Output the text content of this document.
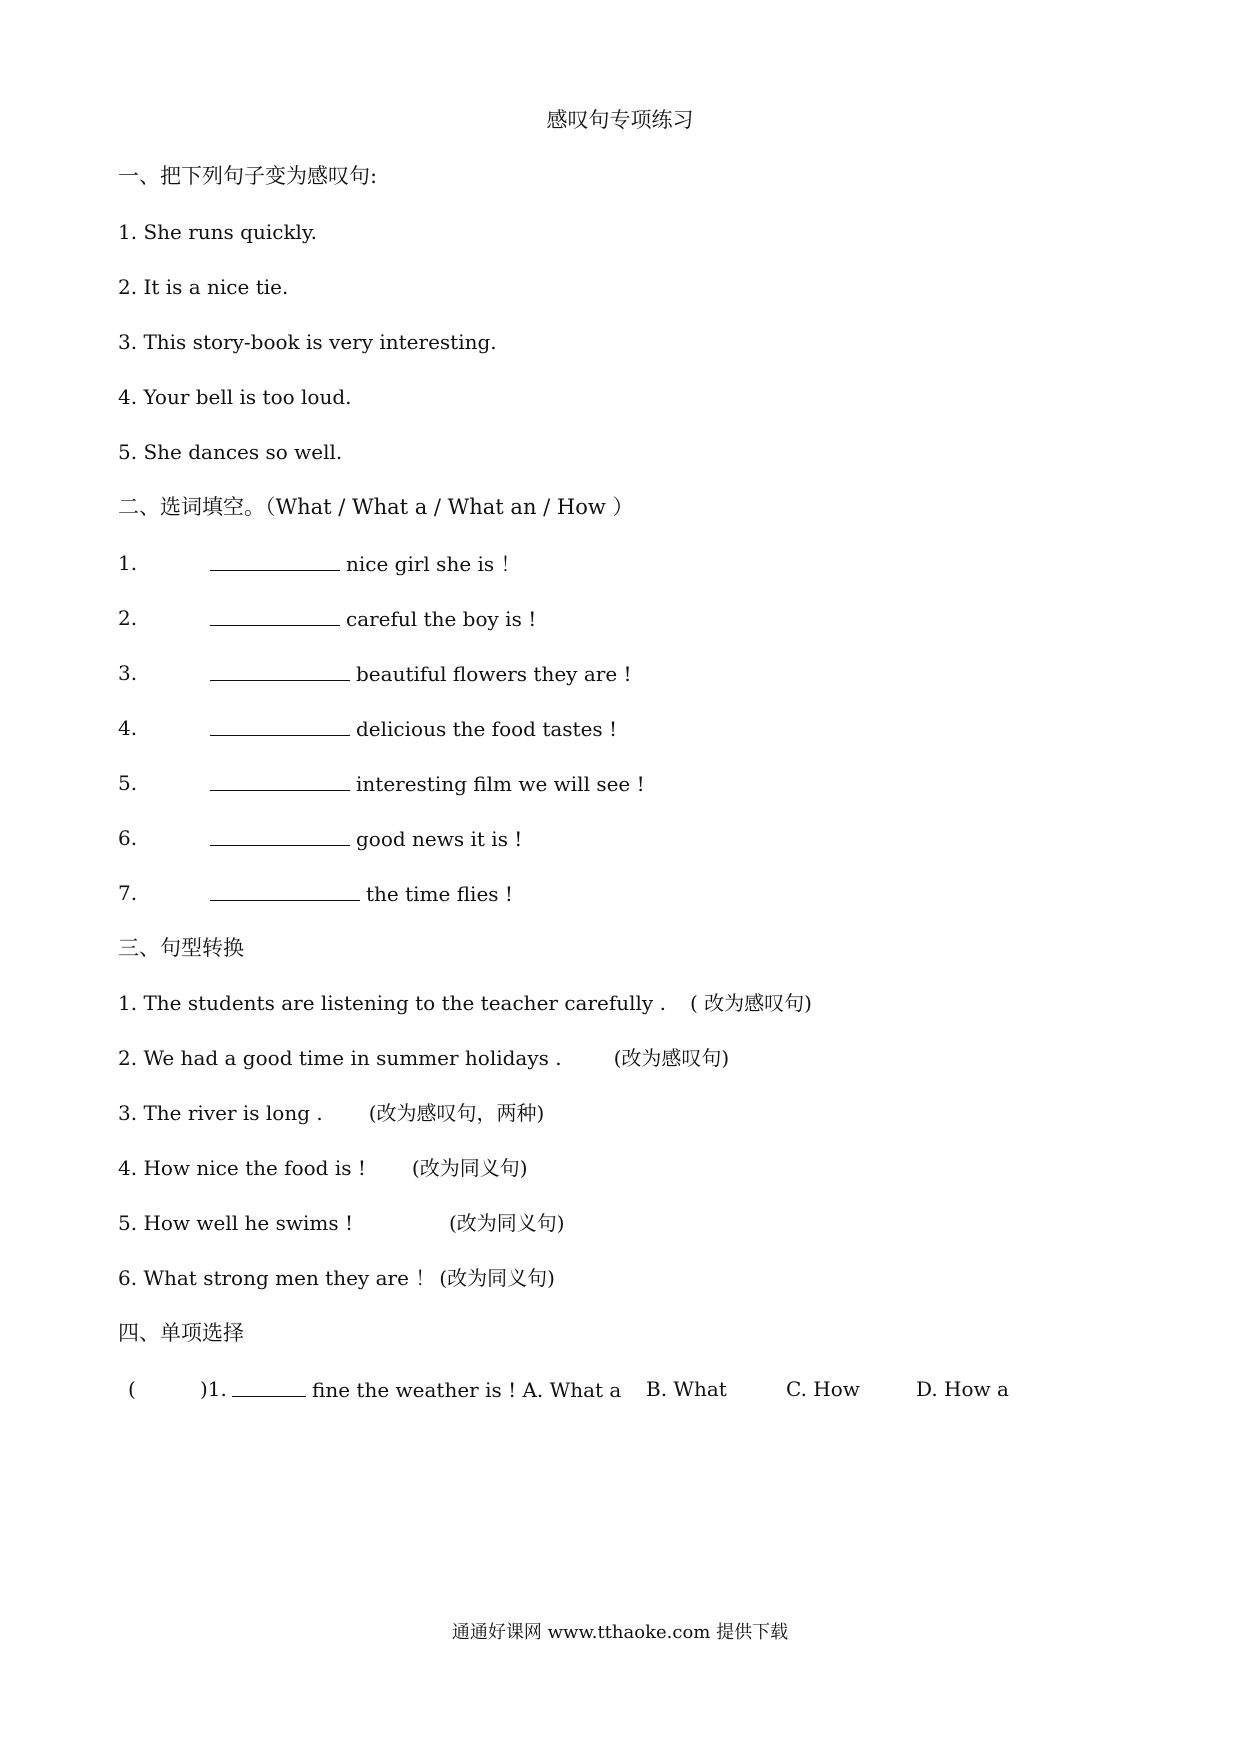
感叹句专项练习
一、把下列句子变为感叹句:
1. She runs quickly.
2. It is a nice tie.
3. This story-book is very interesting.
4. Your bell is too loud.
5. She dances so well.
二、选词填空。（What / What a / What an / How ）
1.	nice girl she is ！
2.	careful the boy is !
3.	beautiful flowers they are !
4.	delicious the food tastes !
5.	interesting film we will see !
6.	good news it is !
7.	the time flies !
三、句型转换
1. The students are listening to the teacher carefully . ( 改为感叹句)
2. We had a good time in summer holidays .	(改为感叹句)
3. The river is long . (改为感叹句，两种)
4. How nice the food is ! (改为同义句)
5. How well he swims !	(改为同义句)
6. What strong men they are ！ (改为同义句)
四、单项选择
(	)1.	fine the weather is ! A. What a B. What	C. How	D. How a
通通好课网 www.tthaoke.com 提供下载
